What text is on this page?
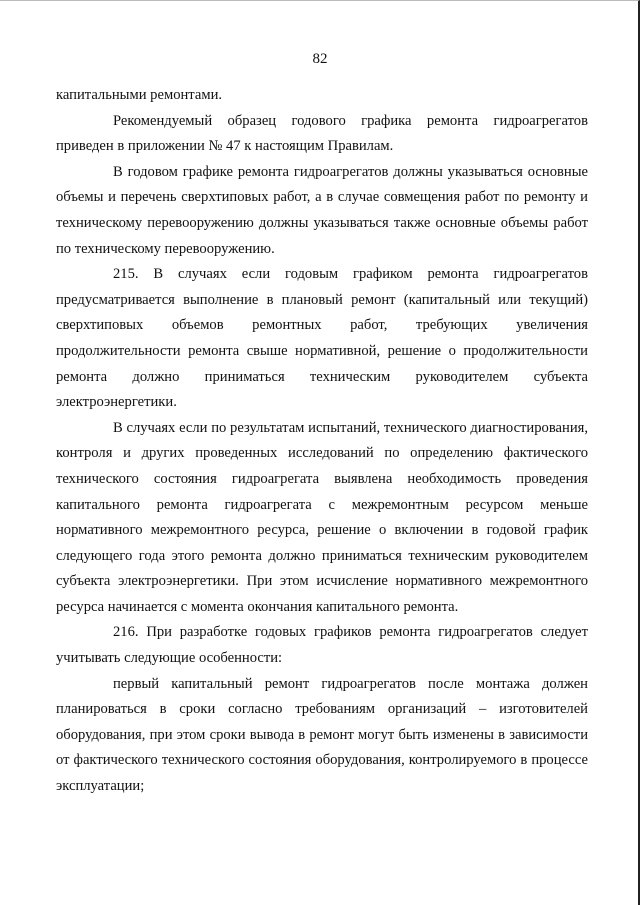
82

капитальными ремонтами.

Рекомендуемый образец годового графика ремонта гидроагрегатов приведен в приложении № 47 к настоящим Правилам.

В годовом графике ремонта гидроагрегатов должны указываться основные объемы и перечень сверхтиповых работ, а в случае совмещения работ по ремонту и техническому перевооружению должны указываться также основные объемы работ по техническому перевооружению.

215. В случаях если годовым графиком ремонта гидроагрегатов предусматривается выполнение в плановый ремонт (капитальный или текущий) сверхтиповых объемов ремонтных работ, требующих увеличения продолжительности ремонта свыше нормативной, решение о продолжительности ремонта должно приниматься техническим руководителем субъекта электроэнергетики.

В случаях если по результатам испытаний, технического диагностирования, контроля и других проведенных исследований по определению фактического технического состояния гидроагрегата выявлена необходимость проведения капитального ремонта гидроагрегата с межремонтным ресурсом меньше нормативного межремонтного ресурса, решение о включении в годовой график следующего года этого ремонта должно приниматься техническим руководителем субъекта электроэнергетики. При этом исчисление нормативного межремонтного ресурса начинается с момента окончания капитального ремонта.

216. При разработке годовых графиков ремонта гидроагрегатов следует учитывать следующие особенности:

первый капитальный ремонт гидроагрегатов после монтажа должен планироваться в сроки согласно требованиям организаций – изготовителей оборудования, при этом сроки вывода в ремонт могут быть изменены в зависимости от фактического технического состояния оборудования, контролируемого в процессе эксплуатации;
